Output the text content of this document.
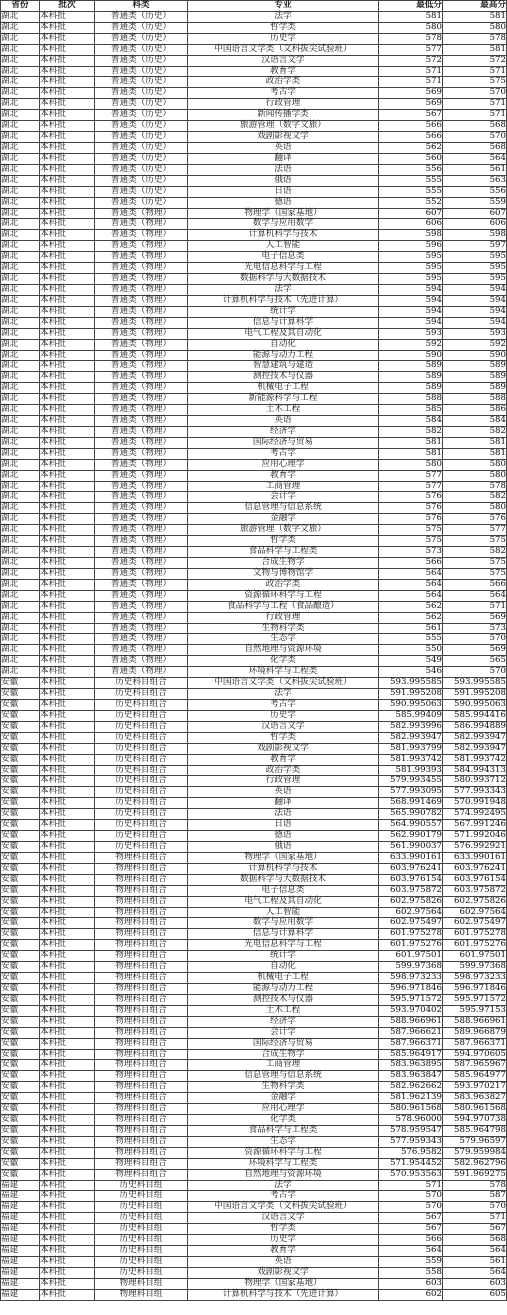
省份	批次	科类	专业	最低分	最高分
湖北	本科批	普通类（历史）	法学	581	581
湖北	本科批	普通类（历史）	哲学类	580	580
湖北	本科批	普通类（历史）	历史学	578	578
湖北	本科批	普通类（历史）	中国语言文学类（文科拔尖试验班）	577	581
湖北	本科批	普通类（历史）	汉语言文学	572	572
湖北	本科批	普通类（历史）	教育学	571	571
湖北	本科批	普通类（历史）	政治学类	571	575
湖北	本科批	普通类（历史）	考古学	569	570
湖北	本科批	普通类（历史）	行政管理	569	571
湖北	本科批	普通类（历史）	新闻传播学类	567	571
湖北	本科批	普通类（历史）	旅游管理（数字文旅）	566	568
湖北	本科批	普通类（历史）	戏剧影视文学	566	570
湖北	本科批	普通类（历史）	英语	562	568
湖北	本科批	普通类（历史）	翻译	560	564
湖北	本科批	普通类（历史）	法语	556	561
湖北	本科批	普通类（历史）	俄语	555	563
湖北	本科批	普通类（历史）	日语	555	556
湖北	本科批	普通类（历史）	德语	552	559
湖北	本科批	普通类（物理）	物理学（国家基地）	607	607
湖北	本科批	普通类（物理）	数学与应用数学	606	606
湖北	本科批	普通类（物理）	计算机科学与技术	598	598
湖北	本科批	普通类（物理）	人工智能	596	597
湖北	本科批	普通类（物理）	电子信息类	595	595
湖北	本科批	普通类（物理）	光电信息科学与工程	595	595
湖北	本科批	普通类（物理）	数据科学与大数据技术	595	595
湖北	本科批	普通类（物理）	法学	594	594
湖北	本科批	普通类（物理）	计算机科学与技术（先进计算）	594	594
湖北	本科批	普通类（物理）	统计学	594	594
湖北	本科批	普通类（物理）	信息与计算科学	594	594
湖北	本科批	普通类（物理）	电气工程及其自动化	593	593
湖北	本科批	普通类（物理）	自动化	592	592
湖北	本科批	普通类（物理）	能源与动力工程	590	590
湖北	本科批	普通类（物理）	智慧建筑与建造	589	589
湖北	本科批	普通类（物理）	测控技术与仪器	589	589
湖北	本科批	普通类（物理）	机械电子工程	589	589
湖北	本科批	普通类（物理）	新能源科学与工程	588	588
湖北	本科批	普通类（物理）	土木工程	585	586
湖北	本科批	普通类（物理）	英语	584	584
湖北	本科批	普通类（物理）	经济学	582	582
湖北	本科批	普通类（物理）	国际经济与贸易	581	581
湖北	本科批	普通类（物理）	考古学	581	581
湖北	本科批	普通类（物理）	应用心理学	580	580
湖北	本科批	普通类（物理）	教育学	577	580
湖北	本科批	普通类（物理）	工商管理	577	578
湖北	本科批	普通类（物理）	会计学	576	582
湖北	本科批	普通类（物理）	信息管理与信息系统	576	580
湖北	本科批	普通类（物理）	金融学	576	576
湖北	本科批	普通类（物理）	旅游管理（数字文旅）	575	577
湖北	本科批	普通类（物理）	哲学类	575	575
湖北	本科批	普通类（物理）	食品科学与工程类	573	582
湖北	本科批	普通类（物理）	合成生物学	566	575
湖北	本科批	普通类（物理）	文物与博物馆学	564	575
湖北	本科批	普通类（物理）	政治学类	564	566
湖北	本科批	普通类（物理）	资源循环科学与工程	564	564
湖北	本科批	普通类（物理）	食品科学与工程（食品酿造）	562	571
湖北	本科批	普通类（物理）	行政管理	562	569
湖北	本科批	普通类（物理）	生物科学类	561	573
湖北	本科批	普通类（物理）	生态学	555	570
湖北	本科批	普通类（物理）	自然地理与资源环境	550	569
湖北	本科批	普通类（物理）	化学类	549	565
湖北	本科批	普通类（物理）	环境科学与工程类	546	570
安徽	本科批	历史科目组合	中国语言文学类（文科拔尖试验班）	593.995585	593.995585
安徽	本科批	历史科目组合	法学	591.995208	591.995208
安徽	本科批	历史科目组合	考古学	590.995063	590.995063
安徽	本科批	历史科目组合	历史学	585.99409	585.994416
安徽	本科批	历史科目组合	汉语言文学	582.993996	586.994889
安徽	本科批	历史科目组合	哲学类	582.993947	582.993947
安徽	本科批	历史科目组合	戏剧影视文学	581.993799	582.993947
安徽	本科批	历史科目组合	教育学	581.993742	581.993742
安徽	本科批	历史科目组合	政治学类	581.99393	584.994313
安徽	本科批	历史科目组合	行政管理	579.993455	580.993712
安徽	本科批	历史科目组合	英语	577.993095	577.993343
安徽	本科批	历史科目组合	翻译	568.991469	570.991948
安徽	本科批	历史科目组合	法语	565.990782	574.992495
安徽	本科批	历史科目组合	日语	564.990557	567.991246
安徽	本科批	历史科目组合	德语	562.990179	571.992046
安徽	本科批	历史科目组合	俄语	561.990037	576.992921
安徽	本科批	物理科目组合	物理学（国家基地）	633.990161	633.990161
安徽	本科批	物理科目组合	计算机科学与技术	603.976241	603.976241
安徽	本科批	物理科目组合	数据科学与大数据技术	603.976154	603.976154
安徽	本科批	物理科目组合	电子信息类	603.975872	603.975872
安徽	本科批	物理科目组合	电气工程及其自动化	602.975826	602.975826
安徽	本科批	物理科目组合	人工智能	602.97564	602.97564
安徽	本科批	物理科目组合	数学与应用数学	602.975497	602.975497
安徽	本科批	物理科目组合	信息与计算科学	601.975278	601.975278
安徽	本科批	物理科目组合	光电信息科学与工程	601.975276	601.975276
安徽	本科批	物理科目组合	统计学	601.97501	601.97501
安徽	本科批	物理科目组合	自动化	599.97368	599.97368
安徽	本科批	物理科目组合	机械电子工程	598.973233	598.973233
安徽	本科批	物理科目组合	能源与动力工程	596.971846	596.971846
安徽	本科批	物理科目组合	测控技术与仪器	595.971572	595.971572
安徽	本科批	物理科目组合	土木工程	593.970402	595.97153
安徽	本科批	物理科目组合	经济学	588.966961	588.966961
安徽	本科批	物理科目组合	会计学	587.966621	589.966879
安徽	本科批	物理科目组合	国际经济与贸易	587.966371	587.966371
安徽	本科批	物理科目组合	合成生物学	585.964917	594.970605
安徽	本科批	物理科目组合	工商管理	583.963895	587.965967
安徽	本科批	物理科目组合	信息管理与信息系统	583.963847	585.964977
安徽	本科批	物理科目组合	生物科学类	582.962662	593.970217
安徽	本科批	物理科目组合	金融学	581.962139	583.963827
安徽	本科批	物理科目组合	应用心理学	580.961568	580.961568
安徽	本科批	物理科目组合	化学类	578.96000	594.970738
安徽	本科批	物理科目组合	食品科学与工程类	578.959547	585.964798
安徽	本科批	物理科目组合	生态学	577.959343	579.96597
安徽	本科批	物理科目组合	资源循环科学与工程	576.9582	579.959984
安徽	本科批	物理科目组合	环境科学与工程类	571.954452	582.962796
安徽	本科批	物理科目组合	自然地理与资源环境	570.953563	591.969275
福建	本科批	历史科目组	法学	571	578
福建	本科批	历史科目组	考古学	570	587
福建	本科批	历史科目组	中国语言文学类（文科拔尖试验班）	570	570
福建	本科批	历史科目组	汉语言文学	567	571
福建	本科批	历史科目组	哲学类	567	567
福建	本科批	历史科目组	历史学	566	568
福建	本科批	历史科目组	教育学	564	564
福建	本科批	历史科目组	英语	559	561
福建	本科批	历史科目组	戏剧影视文学	558	564
福建	本科批	物理科目组	物理学（国家基地）	603	603
福建	本科批	物理科目组	计算机科学与技术（先进计算）	602	605
